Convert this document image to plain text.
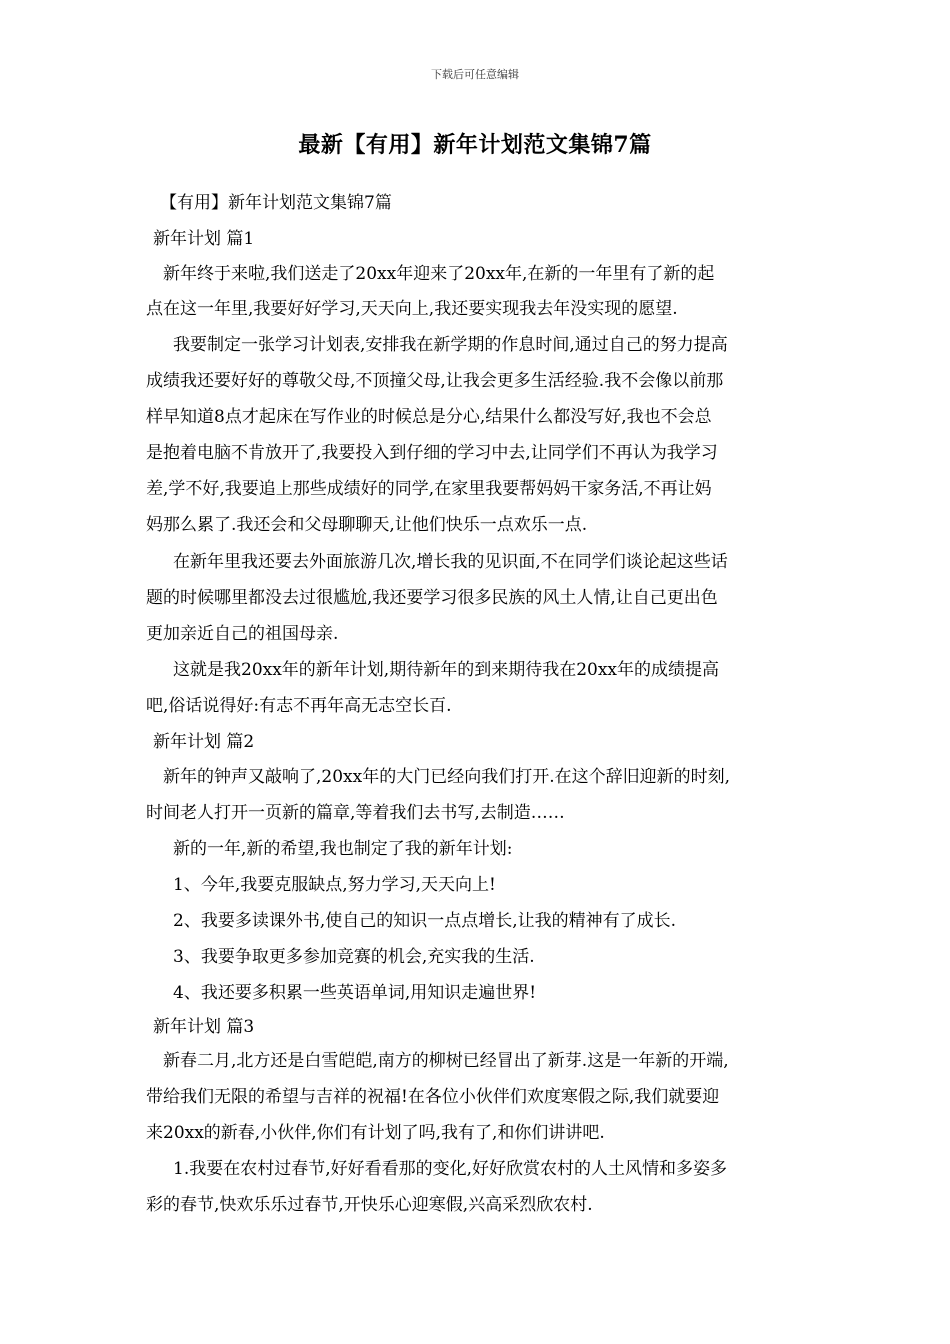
下载后可任意编辑
最新【有用】新年计划范文集锦7篇
【有用】新年计划范文集锦7篇
新年计划 篇1
新年终于来啦,我们送走了20xx年迎来了20xx年,在新的一年里有了新的起
点在这一年里,我要好好学习,天天向上,我还要实现我去年没实现的愿望.
我要制定一张学习计划表,安排我在新学期的作息时间,通过自己的努力提高
成绩我还要好好的尊敬父母,不顶撞父母,让我会更多生活经验.我不会像以前那
样早知道8点才起床在写作业的时候总是分心,结果什么都没写好,我也不会总
是抱着电脑不肯放开了,我要投入到仔细的学习中去,让同学们不再认为我学习
差,学不好,我要追上那些成绩好的同学,在家里我要帮妈妈干家务活,不再让妈
妈那么累了.我还会和父母聊聊天,让他们快乐一点欢乐一点.
在新年里我还要去外面旅游几次,增长我的见识面,不在同学们谈论起这些话
题的时候哪里都没去过很尴尬,我还要学习很多民族的风土人情,让自己更出色
更加亲近自己的祖国母亲.
这就是我20xx年的新年计划,期待新年的到来期待我在20xx年的成绩提高
吧,俗话说得好:有志不再年高无志空长百.
新年计划 篇2
新年的钟声又敲响了,20xx年的大门已经向我们打开.在这个辞旧迎新的时刻,
时间老人打开一页新的篇章,等着我们去书写,去制造……
新的一年,新的希望,我也制定了我的新年计划:
1、今年,我要克服缺点,努力学习,天天向上!
2、我要多读课外书,使自己的知识一点点增长,让我的精神有了成长.
3、我要争取更多参加竞赛的机会,充实我的生活.
4、我还要多积累一些英语单词,用知识走遍世界!
新年计划 篇3
新春二月,北方还是白雪皑皑,南方的柳树已经冒出了新芽.这是一年新的开端,
带给我们无限的希望与吉祥的祝福!在各位小伙伴们欢度寒假之际,我们就要迎
来20xx的新春,小伙伴,你们有计划了吗,我有了,和你们讲讲吧.
1.我要在农村过春节,好好看看那的变化,好好欣赏农村的人土风情和多姿多
彩的春节,快欢乐乐过春节,开快乐心迎寒假,兴高采烈欣农村.
